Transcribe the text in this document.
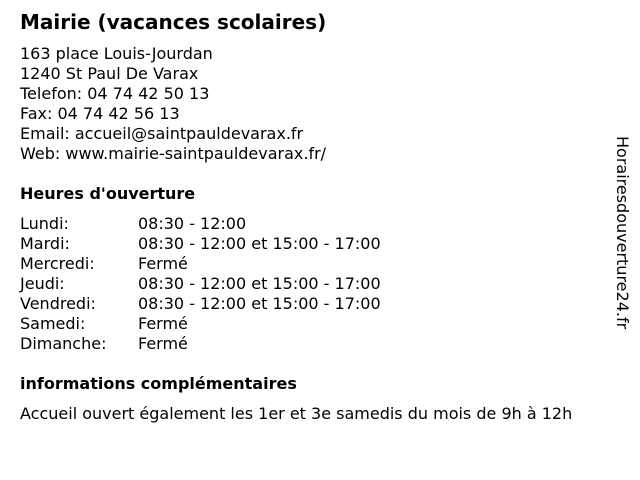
Mairie (vacances scolaires)
163 place Louis-Jourdan
1240 St Paul De Varax
Telefon: 04 74 42 50 13
Fax: 04 74 42 56 13
Email: accueil@saintpauldevarax.fr
Web: www.mairie-saintpauldevarax.fr/
Heures d'ouverture
Lundi:	08:30 - 12:00
Mardi:	08:30 - 12:00 et 15:00 - 17:00
Mercredi:	Fermé
Jeudi:	08:30 - 12:00 et 15:00 - 17:00
Vendredi:	08:30 - 12:00 et 15:00 - 17:00
Samedi:	Fermé
Dimanche: Fermé
informations complémentaires
Accueil ouvert également les 1er et 3e samedis du mois de 9h à 12h
Horairesdouverture24.fr
